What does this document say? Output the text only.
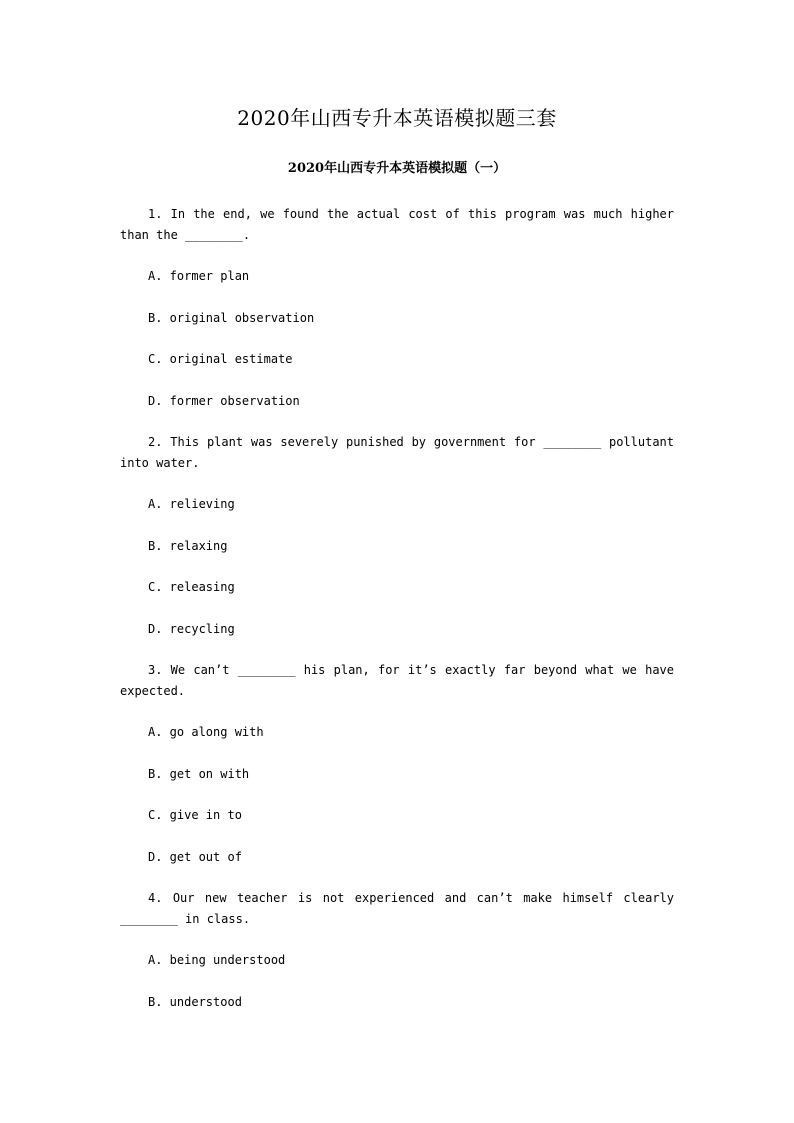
2020年山西专升本英语模拟题三套
2020年山西专升本英语模拟题（一）

1. In the end, we found the actual cost of this program was much higher than the ________.

A. former plan

B. original observation

C. original estimate

D. former observation

2. This plant was severely punished by government for ________ pollutant into water.

A. relieving

B. relaxing

C. releasing

D. recycling

3. We can’t ________ his plan, for it’s exactly far beyond what we have expected.

A. go along with

B. get on with

C. give in to

D. get out of

4. Our new teacher is not experienced and can’t make himself clearly ________ in class.

A. being understood

B. understood
